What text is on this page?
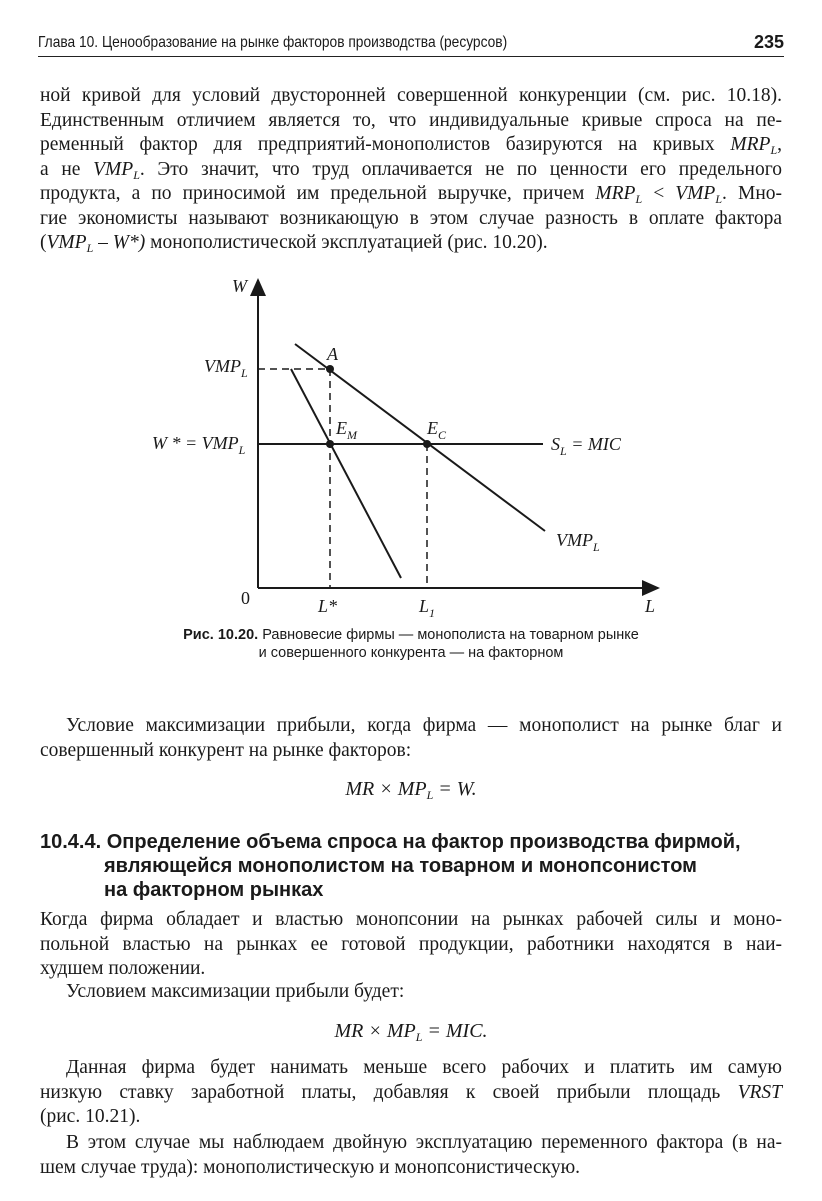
Глава 10. Ценообразование на рынке факторов производства (ресурсов)	235
ной кривой для условий двусторонней совершенной конкуренции (см. рис. 10.18).
Единственным отличием является то, что индивидуальные кривые спроса на пе-
ременный фактор для предприятий-монополистов базируются на кривых $MRP_L$,
а не $VMP_L$. Это значит, что труд оплачивается не по ценности его предельного
продукта, а по приносимой им предельной выручке, причем $MRP_L < VMP_L$. Мно-
гие экономисты называют возникающую в этом случае разность в оплате фактора
$(VMP_L - W*)$ монополистической эксплуатацией (рис. 10.20).
W
L
0
$VMP_L$
W * = $VMP_L$
A
$E_M$	$E_C$	$S_L$ = MIC
$VMP_L$
L*	$L_1$
Рис. 10.20. Равновесие фирмы — монополиста на товарном рынке
и совершенного конкурента — на факторном
Условие максимизации прибыли, когда фирма — монополист на рынке благ и
совершенный конкурент на рынке факторов:
MR × $MP_L = W$.
10.4.4. Определение объема спроса на фактор производства фирмой,
являющейся монополистом на товарном и монопсонистом
на факторном рынках
Когда фирма обладает и властью монопсонии на рынках рабочей силы и моно-
польной властью на рынках ее готовой продукции, работники находятся в наи-
худшем положении.
Условием максимизации прибыли будет:
MR × $MP_L$ = MIC.
Данная фирма будет нанимать меньше всего рабочих и платить им самую
низкую ставку заработной платы, добавляя к своей прибыли площадь VRST
(рис. 10.21).
В этом случае мы наблюдаем двойную эксплуатацию переменного фактора (в на-
шем случае труда): монополистическую и монопсонистическую.
